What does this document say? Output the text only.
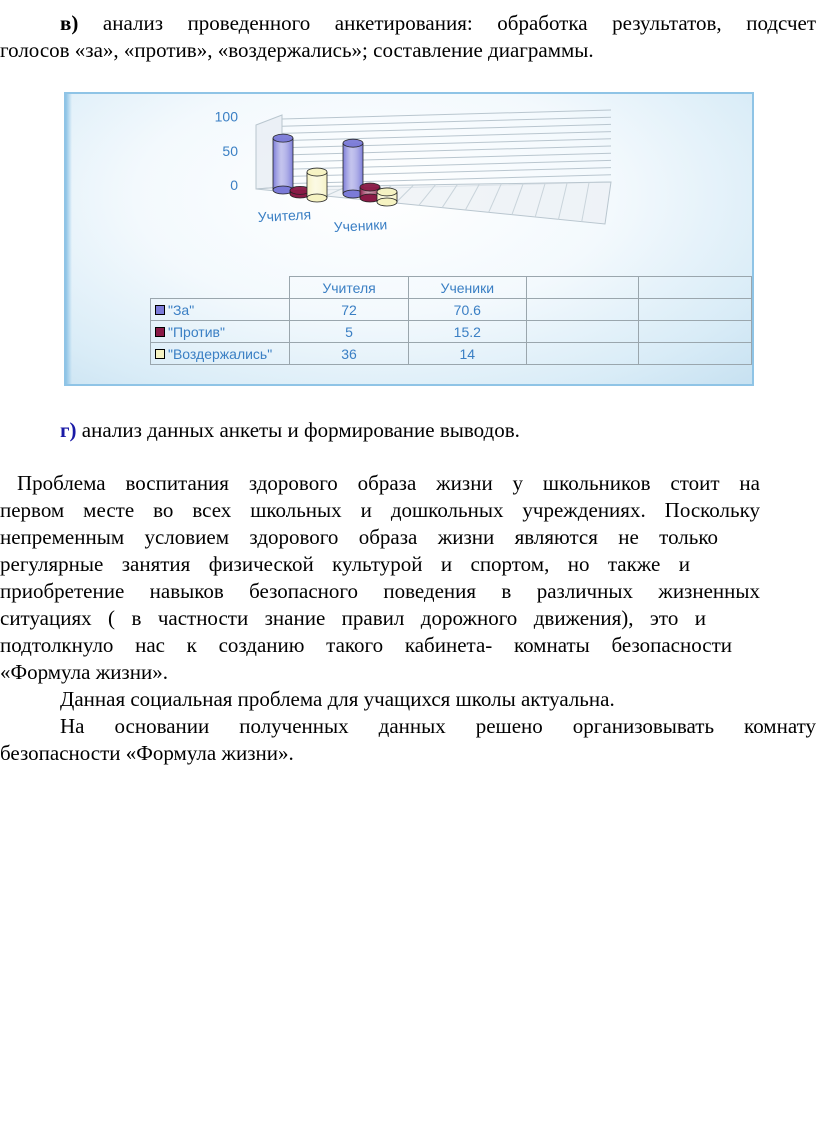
в) анализ проведенного анкетирования: обработка результатов, подсчет

голосов «за», «против», «воздержались»; составление диаграммы.

0
50
100
Учителя
Ученики
	Учителя	Ученики		
"За"	72	70.6		
"Против"	5	15.2		
"Воздержались"	36	14		

г) анализ данных анкеты и формирование выводов.

Проблема воспитания здорового образа жизни у школьников стоит на

первом месте во всех школьных и дошкольных учреждениях. Поскольку

непременным условием здорового образа жизни являются не только

регулярные занятия физической культурой и спортом, но также и

приобретение навыков безопасного поведения в различных жизненных

ситуациях ( в частности знание правил дорожного движения), это и

подтолкнуло нас к созданию такого кабинета- комнаты безопасности

«Формула жизни».

Данная социальная проблема для учащихся школы актуальна.

На основании полученных данных решено организовывать комнату

безопасности «Формула жизни».
